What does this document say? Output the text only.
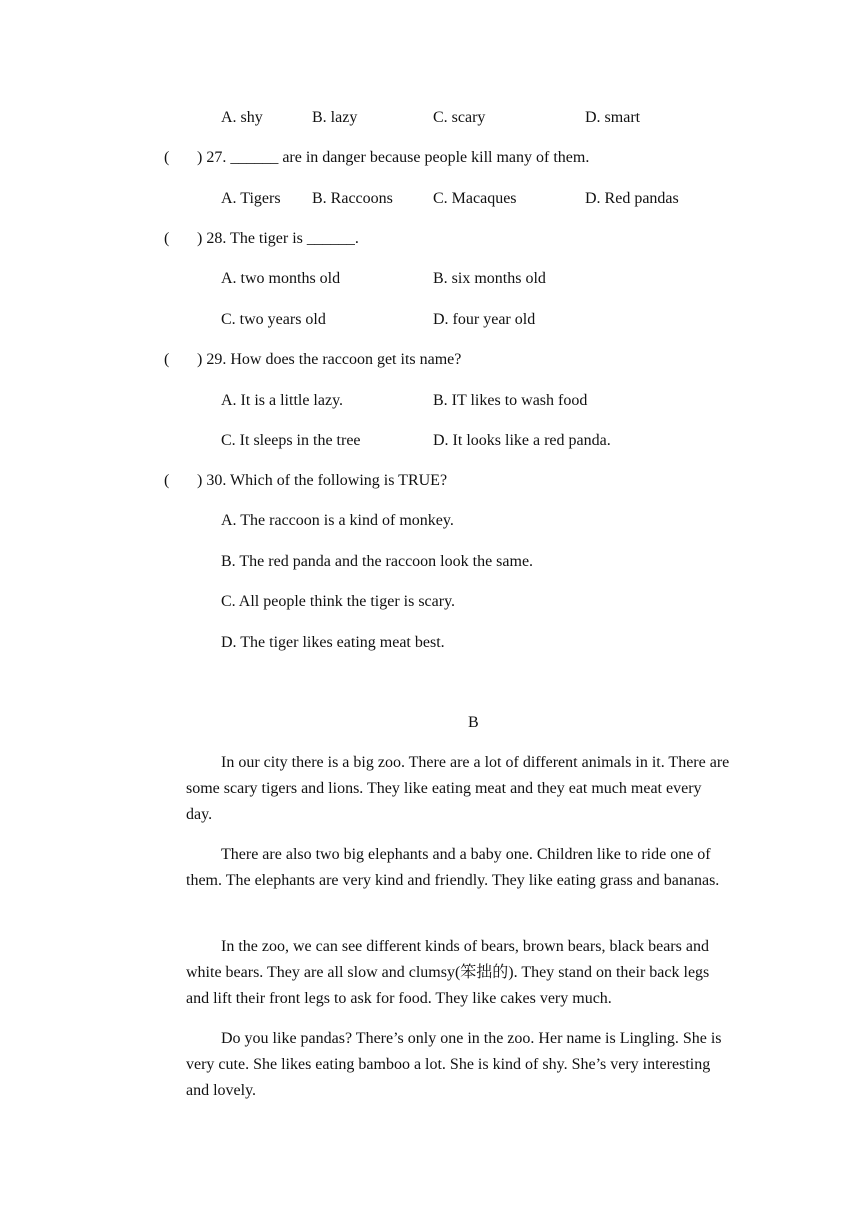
A. shy	B. lazy	C. scary	D. smart
( ) 27. ______ are in danger because people kill many of them.
A. Tigers B. Raccoons	C. Macaques	D. Red pandas
( ) 28. The tiger is ______.
A. two months old	B. six months old
C. two years old	D. four year old
( ) 29. How does the raccoon get its name?
A. It is a little lazy.	B. IT likes to wash food
C. It sleeps in the tree	D. It looks like a red panda.
( ) 30. Which of the following is TRUE?
A. The raccoon is a kind of monkey.
B. The red panda and the raccoon look the same.
C. All people think the tiger is scary.
D. The tiger likes eating meat best.
B
In our city there is a big zoo. There are a lot of different animals in it. There are some scary tigers and lions. They like eating meat and they eat much meat every day.
There are also two big elephants and a baby one. Children like to ride one of them. The elephants are very kind and friendly. They like eating grass and bananas.
In the zoo, we can see different kinds of bears, brown bears, black bears and white bears. They are all slow and clumsy(笨拙的). They stand on their back legs and lift their front legs to ask for food. They like cakes very much.
Do you like pandas? There’s only one in the zoo. Her name is Lingling. She is very cute. She likes eating bamboo a lot. She is kind of shy. She’s very interesting and lovely.
